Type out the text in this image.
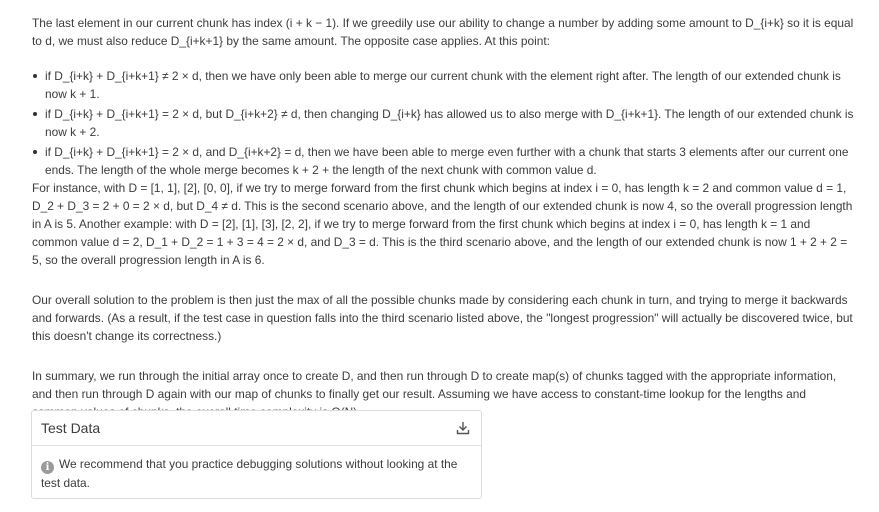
The last element in our current chunk has index (i + k − 1). If we greedily use our ability to change a number by adding some amount to D_{i+k} so it is equal to d, we must also reduce D_{i+k+1} by the same amount. The opposite case applies. At this point:

if D_{i+k} + D_{i+k+1} ≠ 2 × d, then we have only been able to merge our current chunk with the element right after. The length of our extended chunk is now k + 1.
if D_{i+k} + D_{i+k+1} = 2 × d, but D_{i+k+2} ≠ d, then changing D_{i+k} has allowed us to also merge with D_{i+k+1}. The length of our extended chunk is now k + 2.
if D_{i+k} + D_{i+k+1} = 2 × d, and D_{i+k+2} = d, then we have been able to merge even further with a chunk that starts 3 elements after our current one ends. The length of the whole merge becomes k + 2 + the length of the next chunk with common value d.

For instance, with D = [1, 1], [2], [0, 0], if we try to merge forward from the first chunk which begins at index i = 0, has length k = 2 and common value d = 1, D_2 + D_3 = 2 + 0 = 2 × d, but D_4 ≠ d. This is the second scenario above, and the length of our extended chunk is now 4, so the overall progression length in A is 5. Another example: with D = [2], [1], [3], [2, 2], if we try to merge forward from the first chunk which begins at index i = 0, has length k = 1 and common value d = 2, D_1 + D_2 = 1 + 3 = 4 = 2 × d, and D_3 = d. This is the third scenario above, and the length of our extended chunk is now 1 + 2 + 2 = 5, so the overall progression length in A is 6.

Our overall solution to the problem is then just the max of all the possible chunks made by considering each chunk in turn, and trying to merge it backwards and forwards. (As a result, if the test case in question falls into the third scenario listed above, the "longest progression" will actually be discovered twice, but this doesn't change its correctness.)

In summary, we run through the initial array once to create D, and then run through D to create map(s) of chunks tagged with the appropriate information, and then run through D again with our map of chunks to finally get our result. Assuming we have access to constant-time lookup for the lengths and

Test Data
i We recommend that you practice debugging solutions without looking at the test data.
